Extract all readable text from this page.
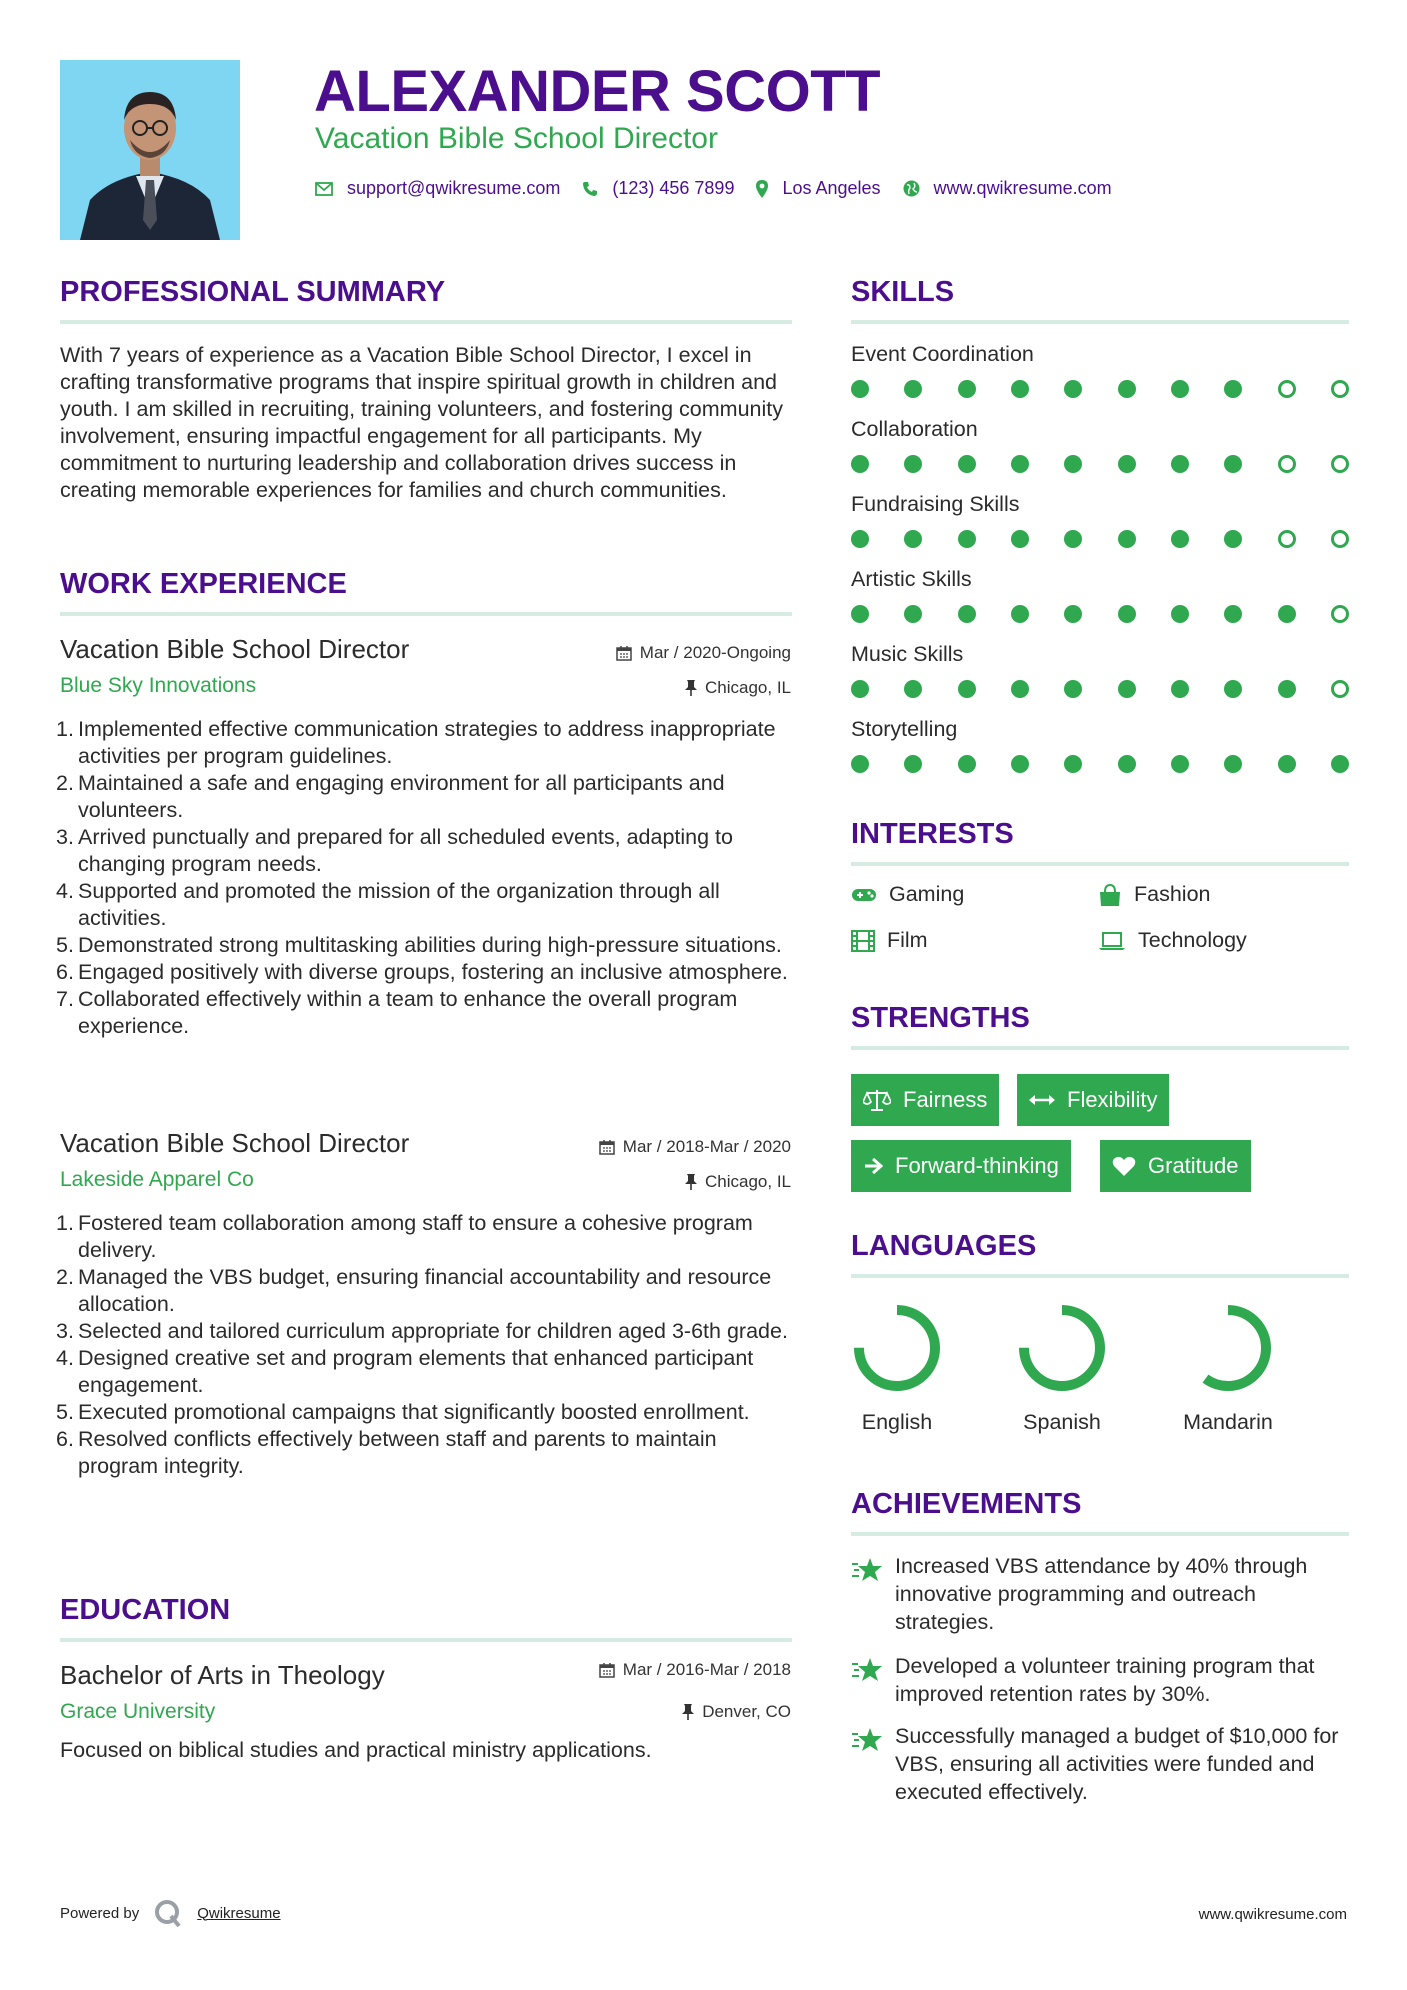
ALEXANDER SCOTT
Vacation Bible School Director
support@qwikresume.com	(123) 456 7899	Los Angeles	www.qwikresume.com
PROFESSIONAL SUMMARY
With 7 years of experience as a Vacation Bible School Director, I excel in crafting transformative programs that inspire spiritual growth in children and youth. I am skilled in recruiting, training volunteers, and fostering community involvement, ensuring impactful engagement for all participants. My commitment to nurturing leadership and collaboration drives success in creating memorable experiences for families and church communities.
WORK EXPERIENCE
Vacation Bible School Director	Mar / 2020-Ongoing
Blue Sky Innovations	Chicago, IL
1. Implemented effective communication strategies to address inappropriate activities per program guidelines.
2. Maintained a safe and engaging environment for all participants and volunteers.
3. Arrived punctually and prepared for all scheduled events, adapting to changing program needs.
4. Supported and promoted the mission of the organization through all activities.
5. Demonstrated strong multitasking abilities during high-pressure situations.
6. Engaged positively with diverse groups, fostering an inclusive atmosphere.
7. Collaborated effectively within a team to enhance the overall program experience.
Vacation Bible School Director	Mar / 2018-Mar / 2020
Lakeside Apparel Co	Chicago, IL
1. Fostered team collaboration among staff to ensure a cohesive program delivery.
2. Managed the VBS budget, ensuring financial accountability and resource allocation.
3. Selected and tailored curriculum appropriate for children aged 3-6th grade.
4. Designed creative set and program elements that enhanced participant engagement.
5. Executed promotional campaigns that significantly boosted enrollment.
6. Resolved conflicts effectively between staff and parents to maintain program integrity.
EDUCATION
Bachelor of Arts in Theology	Mar / 2016-Mar / 2018
Grace University	Denver, CO
Focused on biblical studies and practical ministry applications.
SKILLS
Event Coordination
Collaboration
Fundraising Skills
Artistic Skills
Music Skills
Storytelling
INTERESTS
Gaming	Fashion
Film	Technology
STRENGTHS
Fairness	Flexibility
Forward-thinking	Gratitude
LANGUAGES
English	Spanish	Mandarin
ACHIEVEMENTS
Increased VBS attendance by 40% through innovative programming and outreach strategies.
Developed a volunteer training program that improved retention rates by 30%.
Successfully managed a budget of $10,000 for VBS, ensuring all activities were funded and executed effectively.
Powered by	Qwikresume	www.qwikresume.com
